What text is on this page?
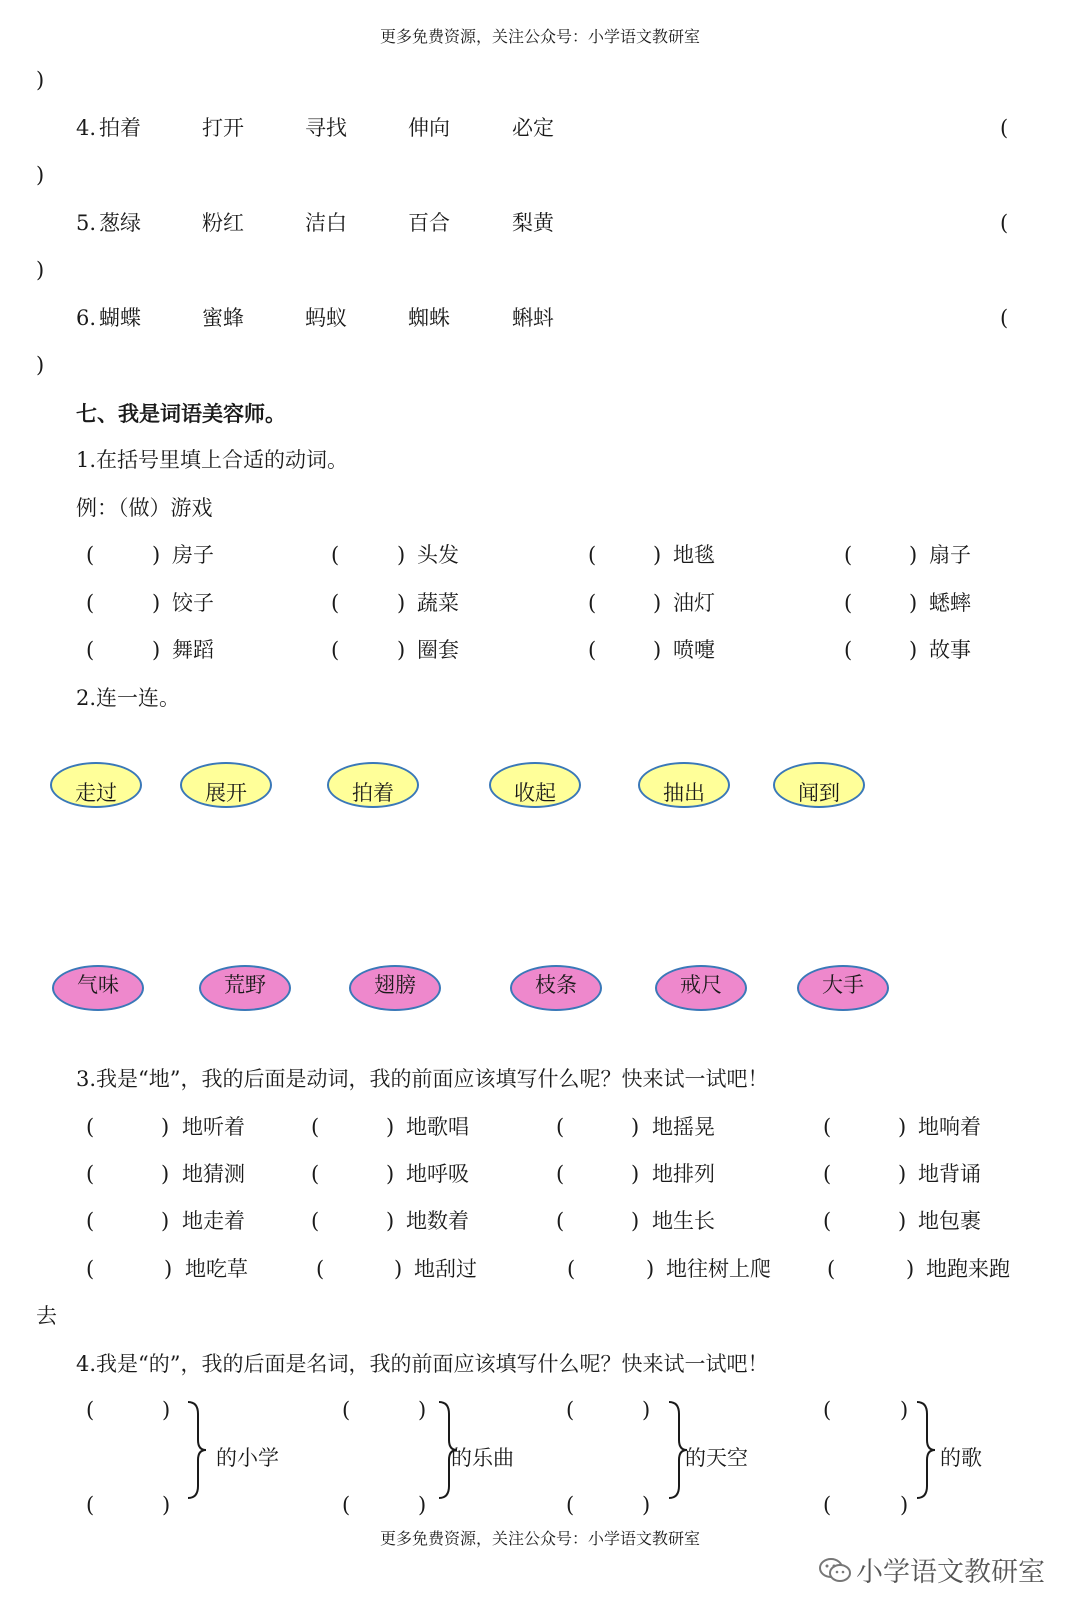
更多免费资源，关注公众号：小学语文教研室
)
4. 拍着	打开	寻找	伸向	必定	(
)
5. 葱绿	粉红	洁白	百合	梨黄	(
)
6. 蝴蝶	蜜蜂	蚂蚁	蜘蛛	蝌蚪	(
)
七、我是词语美容师。
1.在括号里填上合适的动词。
例：（做）游戏
(	) 房子	(	) 头发	(	) 地毯	(	) 扇子
(	) 饺子	(	) 蔬菜	(	) 油灯	(	) 蟋蟀
(	) 舞蹈	(	) 圈套	(	) 喷嚏	(	) 故事
2.连一连。
走过	展开	拍着	收起	抽出	闻到
气味	荒野	翅膀	枝条	戒尺	大手
3.我是“地”，我的后面是动词，我的前面应该填写什么呢？快来试一试吧！
(	) 地听着	(	) 地歌唱	(	) 地摇晃	(	) 地响着
(	) 地猜测	(	) 地呼吸	(	) 地排列	(	) 地背诵
(	) 地走着	(	) 地数着	(	) 地生长	(	) 地包裹
(	) 地吃草	(	) 地刮过	(	) 地往树上爬	(	) 地跑来跑
去
4.我是“的”，我的后面是名词，我的前面应该填写什么呢？快来试一试吧！
(	)
(	)
的小学
(	)
(	)
的乐曲
(	)
(	)
的天空
(	)
(	)
的歌
更多免费资源，关注公众号：小学语文教研室
小学语文教研室
